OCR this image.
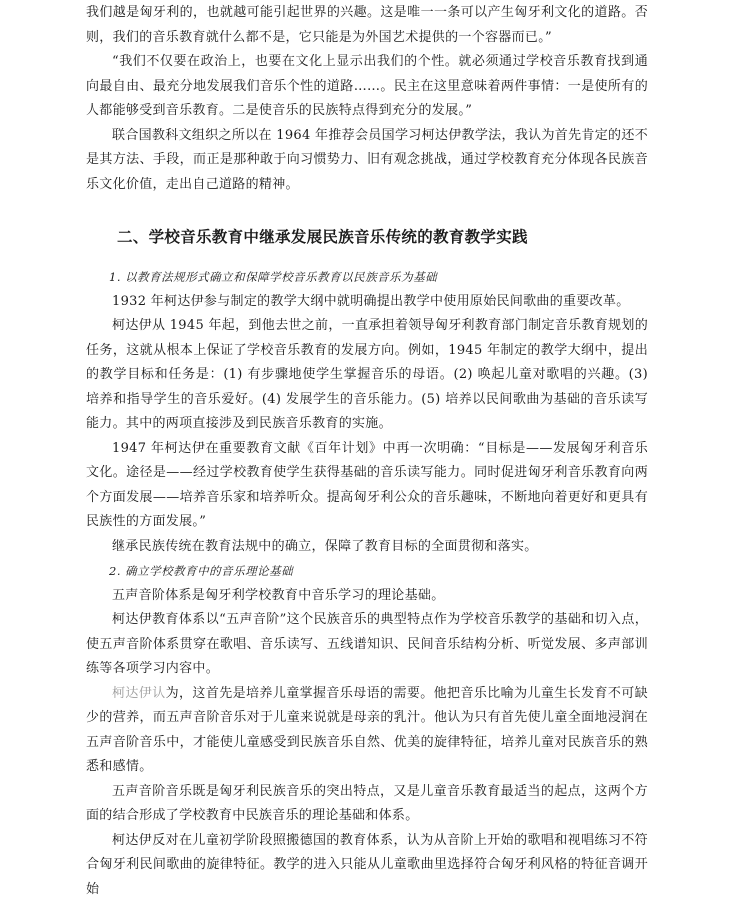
我们越是匈牙利的，也就越可能引起世界的兴趣。这是唯一一条可以产生匈牙利文化的道路。否则，我们的音乐教育就什么都不是，它只能是为外国艺术提供的一个容器而已。”

“我们不仅要在政治上，也要在文化上显示出我们的个性。就必须通过学校音乐教育找到通向最自由、最充分地发展我们音乐个性的道路……。民主在这里意味着两件事情：一是使所有的人都能够受到音乐教育。二是使音乐的民族特点得到充分的发展。”

联合国教科文组织之所以在 1964 年推荐会员国学习柯达伊教学法，我认为首先肯定的还不是其方法、手段，而正是那种敢于向习惯势力、旧有观念挑战，通过学校教育充分体现各民族音乐文化价值，走出自己道路的精神。

二、学校音乐教育中继承发展民族音乐传统的教育教学实践

1. 以教育法规形式确立和保障学校音乐教育以民族音乐为基础

1932 年柯达伊参与制定的教学大纲中就明确提出教学中使用原始民间歌曲的重要改革。

柯达伊从 1945 年起，到他去世之前，一直承担着领导匈牙利教育部门制定音乐教育规划的任务，这就从根本上保证了学校音乐教育的发展方向。例如，1945 年制定的教学大纲中，提出的教学目标和任务是：(1) 有步骤地使学生掌握音乐的母语。(2) 唤起儿童对歌唱的兴趣。(3) 培养和指导学生的音乐爱好。(4) 发展学生的音乐能力。(5) 培养以民间歌曲为基础的音乐读写能力。其中的两项直接涉及到民族音乐教育的实施。

1947 年柯达伊在重要教育文献《百年计划》中再一次明确：“目标是——发展匈牙利音乐文化。途径是——经过学校教育使学生获得基础的音乐读写能力。同时促进匈牙利音乐教育向两个方面发展——培养音乐家和培养听众。提高匈牙利公众的音乐趣味，不断地向着更好和更具有民族性的方面发展。”

继承民族传统在教育法规中的确立，保障了教育目标的全面贯彻和落实。

2. 确立学校教育中的音乐理论基础

五声音阶体系是匈牙利学校教育中音乐学习的理论基础。

柯达伊教育体系以“五声音阶”这个民族音乐的典型特点作为学校音乐教学的基础和切入点，使五声音阶体系贯穿在歌唱、音乐读写、五线谱知识、民间音乐结构分析、听觉发展、多声部训练等各项学习内容中。

柯达伊认为，这首先是培养儿童掌握音乐母语的需要。他把音乐比喻为儿童生长发育不可缺少的营养，而五声音阶音乐对于儿童来说就是母亲的乳汁。他认为只有首先使儿童全面地浸润在五声音阶音乐中，才能使儿童感受到民族音乐自然、优美的旋律特征，培养儿童对民族音乐的熟悉和感情。

五声音阶音乐既是匈牙利民族音乐的突出特点，又是儿童音乐教育最适当的起点，这两个方面的结合形成了学校教育中民族音乐的理论基础和体系。

柯达伊反对在儿童初学阶段照搬德国的教育体系，认为从音阶上开始的歌唱和视唱练习不符合匈牙利民间歌曲的旋律特征。教学的进入只能从儿童歌曲里选择符合匈牙利风格的特征音调开始
